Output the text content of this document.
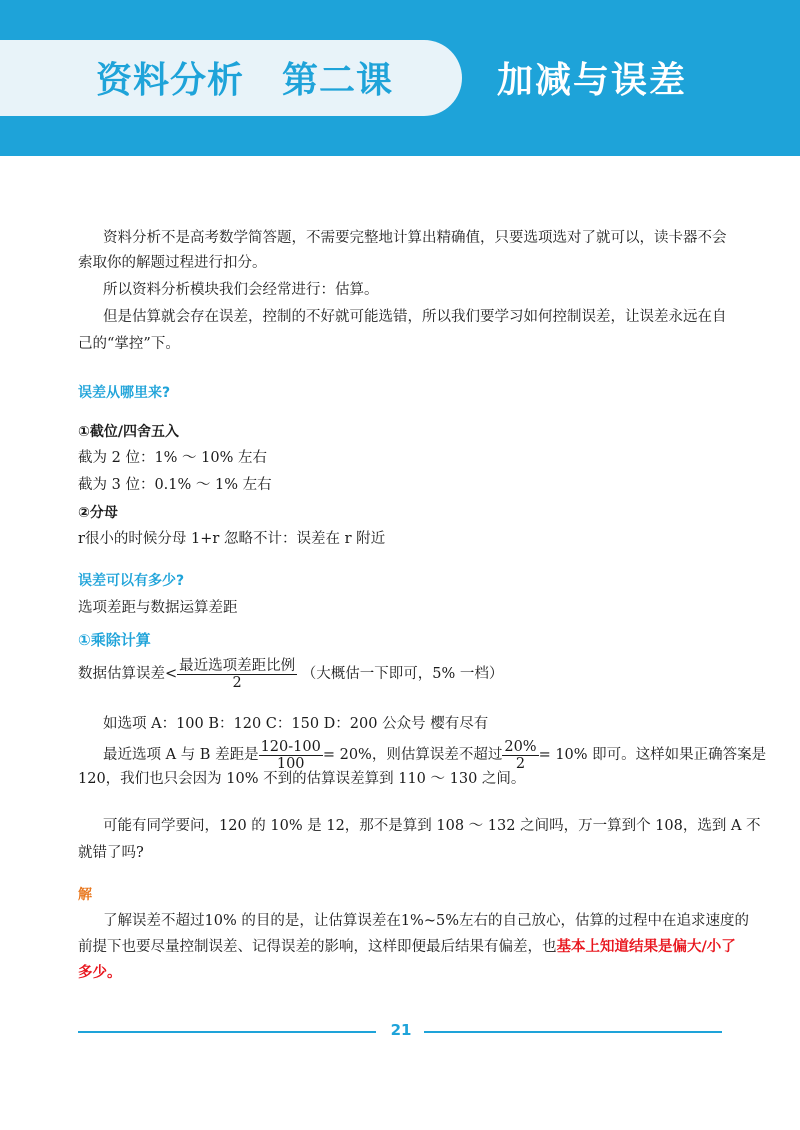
资料分析 第二课	加减与误差
资料分析不是高考数学简答题，不需要完整地计算出精确值，只要选项选对了就可以，读卡器不会
索取你的解题过程进行扣分。
所以资料分析模块我们会经常进行：估算。
但是估算就会存在误差，控制的不好就可能选错，所以我们要学习如何控制误差，让误差永远在自
己的“掌控”下。
误差从哪里来?
①截位/四舍五入
截为 2 位：1% ～ 10% 左右
截为 3 位：0.1% ～ 1% 左右
②分母
r很小的时候分母 1+r 忽略不计：误差在 r 附近
误差可以有多少?
选项差距与数据运算差距
①乘除计算
数据估算误差< $\frac{\text{最近选项差距比例}}{2}$ （大概估一下即可，5% 一档）
如选项 A：100 B：120 C：150 D：200 公众号 樱有尽有
最近选项 A 与 B 差距是 $\frac{120-100}{100} = 20\%$，则估算误差不超过 $\frac{20\%}{2} = 10\%$ 即可。这样如果正确答案是
120，我们也只会因为 10% 不到的估算误差算到 110 ～ 130 之间。
可能有同学要问，120 的 10% 是 12，那不是算到 108 ～ 132 之间吗，万一算到个 108，选到 A 不
就错了吗?
解
了解误差不超过10% 的目的是，让估算误差在1%~5%左右的自己放心，估算的过程中在追求速度的
前提下也要尽量控制误差、记得误差的影响，这样即便最后结果有偏差，也基本上知道结果是偏大/小了
多少。
21
